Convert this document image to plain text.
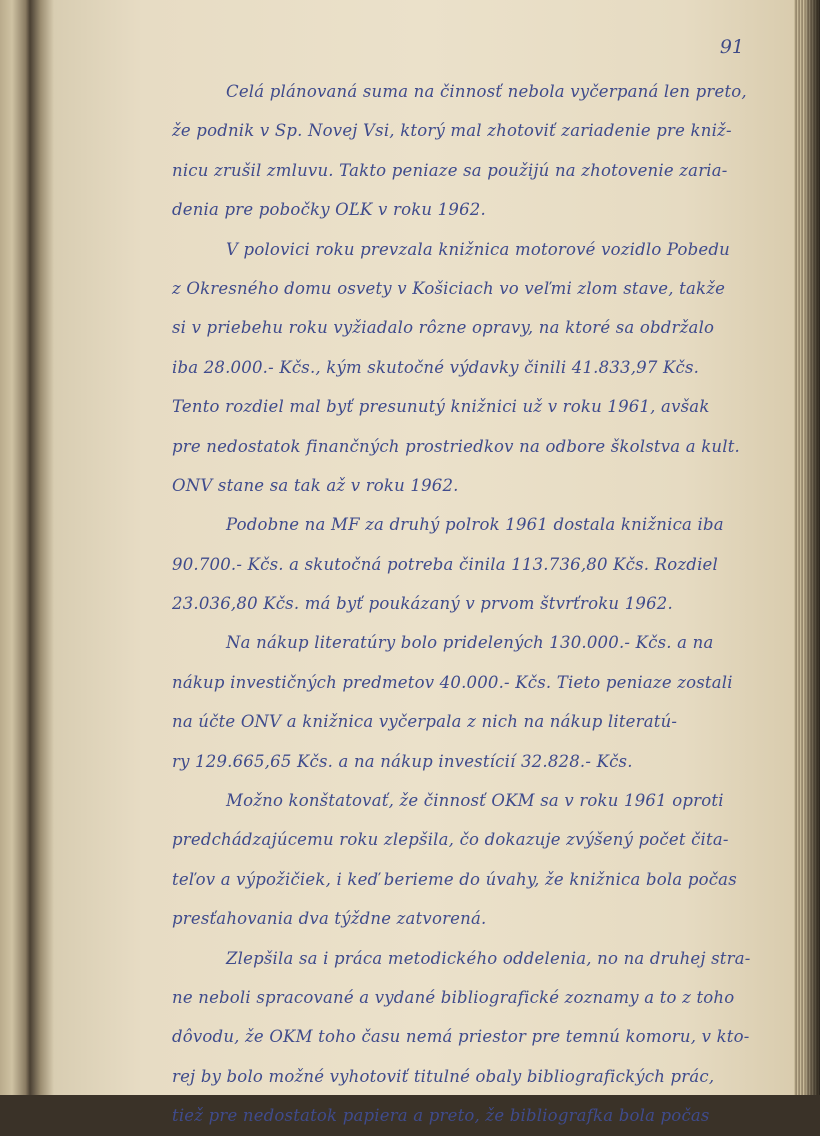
91
Celá plánovaná suma na činnosť nebola vyčerpaná len preto,
že podnik v Sp. Novej Vsi, ktorý mal zhotoviť zariadenie pre kniž-
nicu zrušil zmluvu. Takto peniaze sa použijú na zhotovenie zaria-
denia pre pobočky OĽK v roku 1962.
V polovici roku prevzala knižnica motorové vozidlo Pobedu
z Okresného domu osvety v Košiciach vo veľmi zlom stave, takže
si v priebehu roku vyžiadalo rôzne opravy, na ktoré sa obdržalo
iba 28.000.- Kčs., kým skutočné výdavky činili 41.833,97 Kčs.
Tento rozdiel mal byť presunutý knižnici už v roku 1961, avšak
pre nedostatok finančných prostriedkov na odbore školstva a kult.
ONV stane sa tak až v roku 1962.
Podobne na MF za druhý polrok 1961 dostala knižnica iba
90.700.- Kčs. a skutočná potreba činila 113.736,80 Kčs. Rozdiel
23.036,80 Kčs. má byť poukázaný v prvom štvrťroku 1962.
Na nákup literatúry bolo pridelených 130.000.- Kčs. a na
nákup investičných predmetov 40.000.- Kčs. Tieto peniaze zostali
na účte ONV a knižnica vyčerpala z nich na nákup literatú-
ry 129.665,65 Kčs. a na nákup investícií 32.828.- Kčs.
Možno konštatovať, že činnosť OKM sa v roku 1961 oproti
predchádzajúcemu roku zlepšila, čo dokazuje zvýšený počet čita-
teľov a výpožičiek, i keď berieme do úvahy, že knižnica bola počas
presťahovania dva týždne zatvorená.
Zlepšila sa i práca metodického oddelenia, no na druhej stra-
ne neboli spracované a vydané bibliografické zoznamy a to z toho
dôvodu, že OKM toho času nemá priestor pre temnú komoru, v kto-
rej by bolo možné vyhotoviť titulné obaly bibliografických prác,
tiež pre nedostatok papiera a preto, že bibliografka bola počas
